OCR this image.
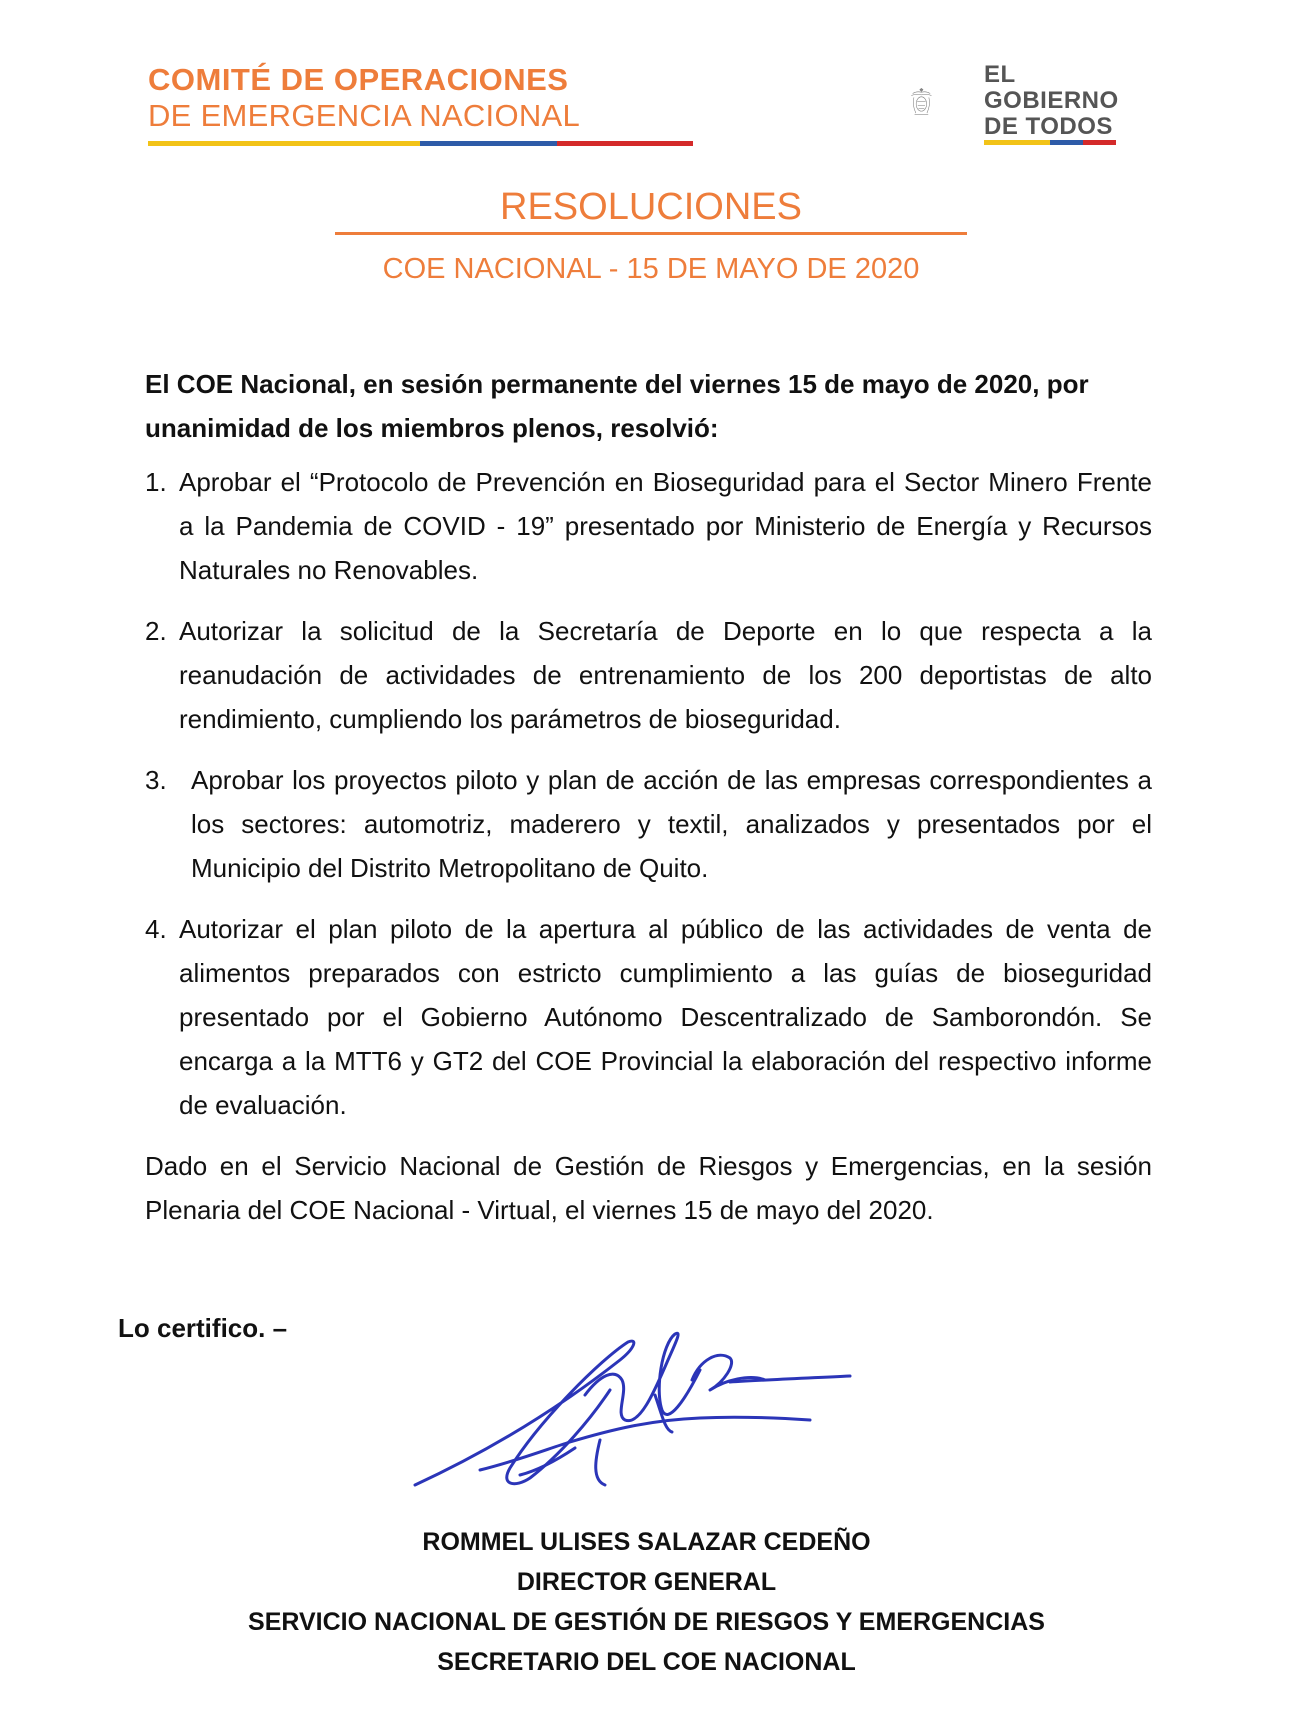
COMITÉ DE OPERACIONES
DE EMERGENCIA NACIONAL
EL
GOBIERNO
DE TODOS
RESOLUCIONES
COE NACIONAL - 15 DE MAYO DE 2020

El COE Nacional, en sesión permanente del viernes 15 de mayo de 2020, por unanimidad de los miembros plenos, resolvió:

1. Aprobar el “Protocolo de Prevención en Bioseguridad para el Sector Minero Frente a la Pandemia de COVID - 19” presentado por Ministerio de Energía y Recursos Naturales no Renovables.
2. Autorizar la solicitud de la Secretaría de Deporte en lo que respecta a la reanudación de actividades de entrenamiento de los 200 deportistas de alto rendimiento, cumpliendo los parámetros de bioseguridad.
3. Aprobar los proyectos piloto y plan de acción de las empresas correspondientes a los sectores: automotriz, maderero y textil, analizados y presentados por el Municipio del Distrito Metropolitano de Quito.
4. Autorizar el plan piloto de la apertura al público de las actividades de venta de alimentos preparados con estricto cumplimiento a las guías de bioseguridad presentado por el Gobierno Autónomo Descentralizado de Samborondón. Se encarga a la MTT6 y GT2 del COE Provincial la elaboración del respectivo informe de evaluación.

Dado en el Servicio Nacional de Gestión de Riesgos y Emergencias, en la sesión Plenaria del COE Nacional - Virtual, el viernes 15 de mayo del 2020.

Lo certifico. –
ROMMEL ULISES SALAZAR CEDEÑO
DIRECTOR GENERAL
SERVICIO NACIONAL DE GESTIÓN DE RIESGOS Y EMERGENCIAS
SECRETARIO DEL COE NACIONAL
